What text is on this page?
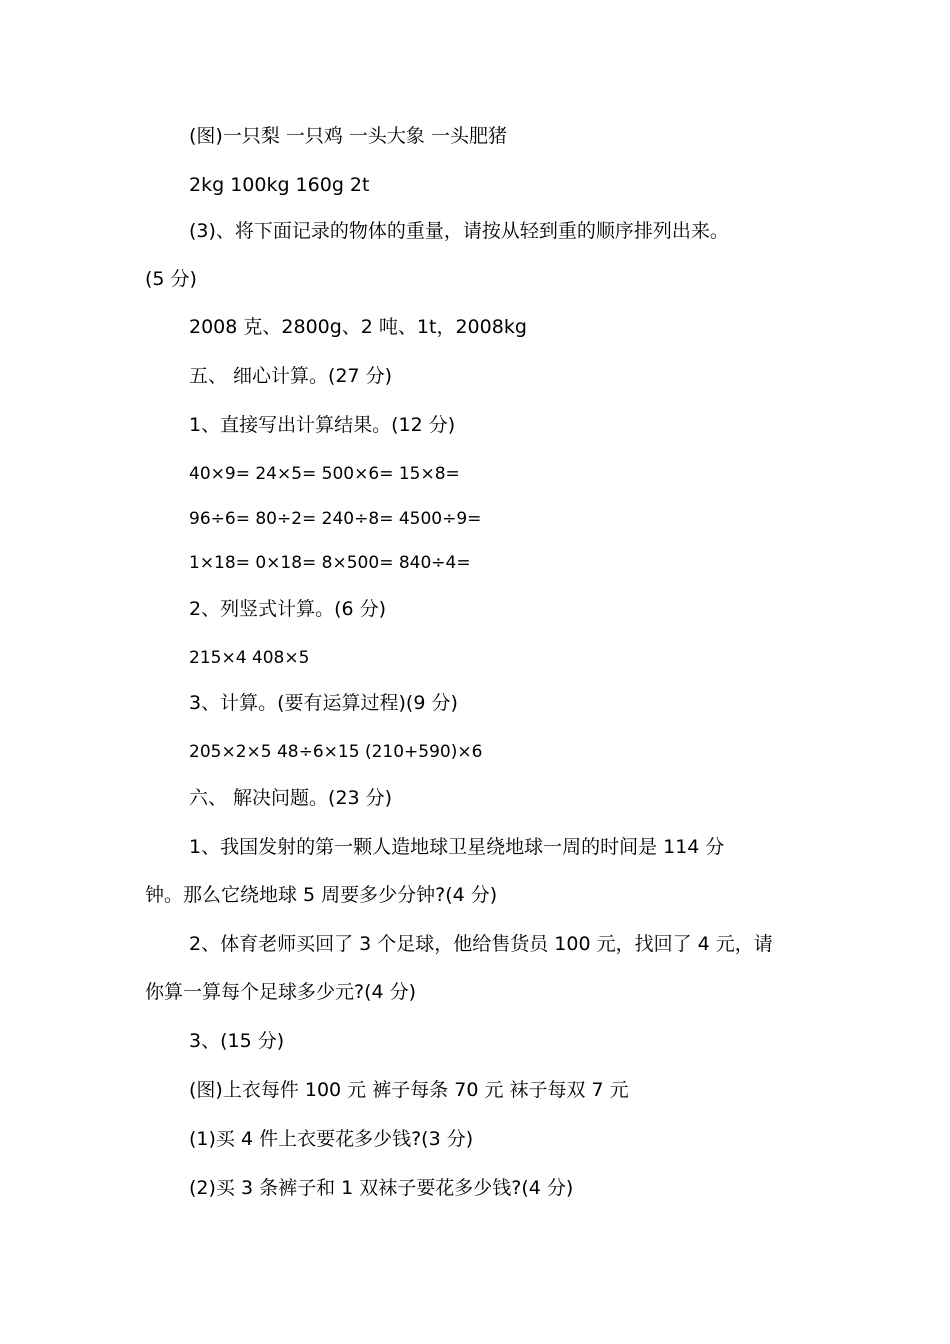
(图)一只梨 一只鸡 一头大象 一头肥猪
2kg 100kg 160g 2t
(3)、将下面记录的物体的重量，请按从轻到重的顺序排列出来。
(5 分)
2008 克、2800g、2 吨、1t，2008kg
五、 细心计算。(27 分)
1、直接写出计算结果。(12 分)
40×9= 24×5= 500×6= 15×8=
96÷6= 80÷2= 240÷8= 4500÷9=
1×18= 0×18= 8×500= 840÷4=
2、列竖式计算。(6 分)
215×4 408×5
3、计算。(要有运算过程)(9 分)
205×2×5 48÷6×15 (210+590)×6
六、 解决问题。(23 分)
1、我国发射的第一颗人造地球卫星绕地球一周的时间是 114 分
钟。那么它绕地球 5 周要多少分钟?(4 分)
2、体育老师买回了 3 个足球，他给售货员 100 元，找回了 4 元，请
你算一算每个足球多少元?(4 分)
3、(15 分)
(图)上衣每件 100 元 裤子每条 70 元 袜子每双 7 元
(1)买 4 件上衣要花多少钱?(3 分)
(2)买 3 条裤子和 1 双袜子要花多少钱?(4 分)
